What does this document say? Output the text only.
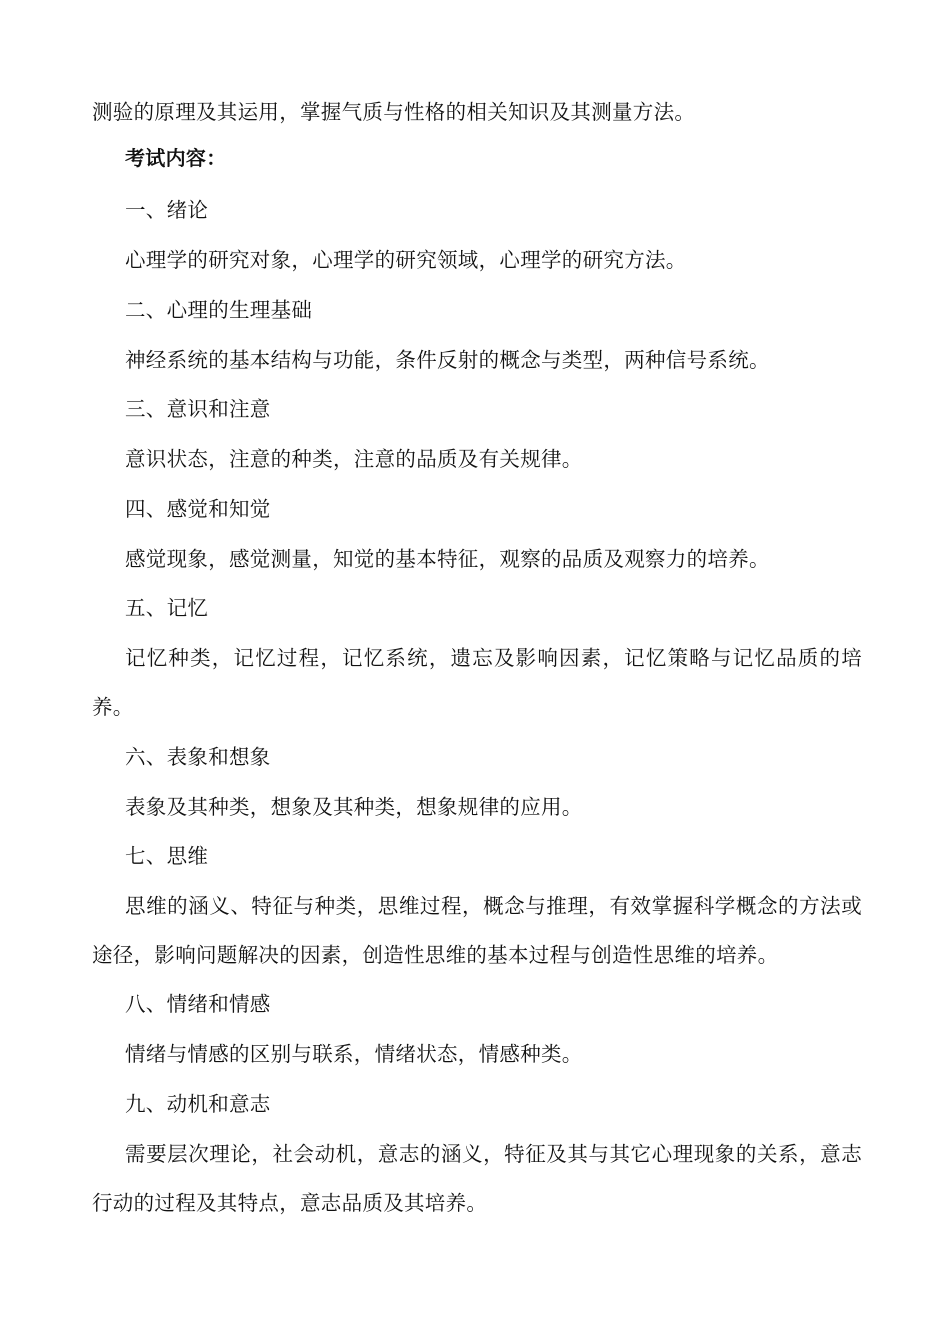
测验的原理及其运用，掌握气质与性格的相关知识及其测量方法。

考试内容：

一、绪论

心理学的研究对象，心理学的研究领域，心理学的研究方法。

二、心理的生理基础

神经系统的基本结构与功能，条件反射的概念与类型，两种信号系统。

三、意识和注意

意识状态，注意的种类，注意的品质及有关规律。

四、感觉和知觉

感觉现象，感觉测量，知觉的基本特征，观察的品质及观察力的培养。

五、记忆

记忆种类，记忆过程，记忆系统，遗忘及影响因素，记忆策略与记忆品质的培养。

六、表象和想象

表象及其种类，想象及其种类，想象规律的应用。

七、思维

思维的涵义、特征与种类，思维过程，概念与推理，有效掌握科学概念的方法或途径，影响问题解决的因素，创造性思维的基本过程与创造性思维的培养。

八、情绪和情感

情绪与情感的区别与联系，情绪状态，情感种类。

九、动机和意志

需要层次理论，社会动机，意志的涵义，特征及其与其它心理现象的关系，意志行动的过程及其特点，意志品质及其培养。
